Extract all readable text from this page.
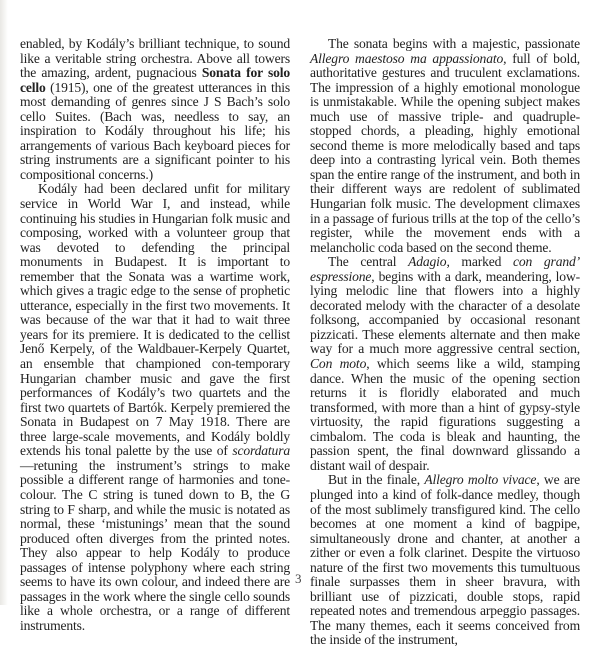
enabled, by Kodály’s brilliant technique, to sound like a veritable string orchestra. Above all towers the amazing, ardent, pugnacious Sonata for solo cello (1915), one of the greatest utterances in this most demanding of genres since J S Bach’s solo cello Suites. (Bach was, needless to say, an inspiration to Kodály throughout his life; his arrangements of various Bach keyboard pieces for string instruments are a significant pointer to his compositional concerns.)

Kodály had been declared unfit for military service in World War I, and instead, while continuing his studies in Hungarian folk music and composing, worked with a volunteer group that was devoted to defending the principal monuments in Budapest. It is important to remember that the Sonata was a wartime work, which gives a tragic edge to the sense of prophetic utterance, especially in the first two movements. It was because of the war that it had to wait three years for its premiere. It is dedicated to the cellist Jenő Kerpely, of the Waldbauer-Kerpely Quartet, an ensemble that championed con-temporary Hungarian chamber music and gave the first performances of Kodály’s two quartets and the first two quartets of Bartók. Kerpely premiered the Sonata in Budapest on 7 May 1918. There are three large-scale movements, and Kodály boldly extends his tonal palette by the use of scordatura—retuning the instrument’s strings to make possible a different range of harmonies and tone-colour. The C string is tuned down to B, the G string to F sharp, and while the music is notated as normal, these ‘mistunings’ mean that the sound produced often diverges from the printed notes. They also appear to help Kodály to produce passages of intense polyphony where each string seems to have its own colour, and indeed there are passages in the work where the single cello sounds like a whole orchestra, or a range of different instruments.

The sonata begins with a majestic, passionate Allegro maestoso ma appassionato, full of bold, authoritative gestures and truculent exclamations. The impression of a highly emotional monologue is unmistakable. While the opening subject makes much use of massive triple- and quadruple-stopped chords, a pleading, highly emotional second theme is more melodically based and taps deep into a contrasting lyrical vein. Both themes span the entire range of the instrument, and both in their different ways are redolent of sublimated Hungarian folk music. The development climaxes in a passage of furious trills at the top of the cello’s register, while the movement ends with a melancholic coda based on the second theme.

The central Adagio, marked con grand’ espressione, begins with a dark, meandering, low-lying melodic line that flowers into a highly decorated melody with the character of a desolate folksong, accompanied by occasional resonant pizzicati. These elements alternate and then make way for a much more aggressive central section, Con moto, which seems like a wild, stamping dance. When the music of the opening section returns it is floridly elaborated and much transformed, with more than a hint of gypsy-style virtuosity, the rapid figurations suggesting a cimbalom. The coda is bleak and haunting, the passion spent, the final downward glissando a distant wail of despair.

But in the finale, Allegro molto vivace, we are plunged into a kind of folk-dance medley, though of the most sublimely transfigured kind. The cello becomes at one moment a kind of bagpipe, simultaneously drone and chanter, at another a zither or even a folk clarinet. Despite the virtuoso nature of the first two movements this tumultuous finale surpasses them in sheer bravura, with brilliant use of pizzicati, double stops, rapid repeated notes and tremendous arpeggio passages. The many themes, each it seems conceived from the inside of the instrument,

3
